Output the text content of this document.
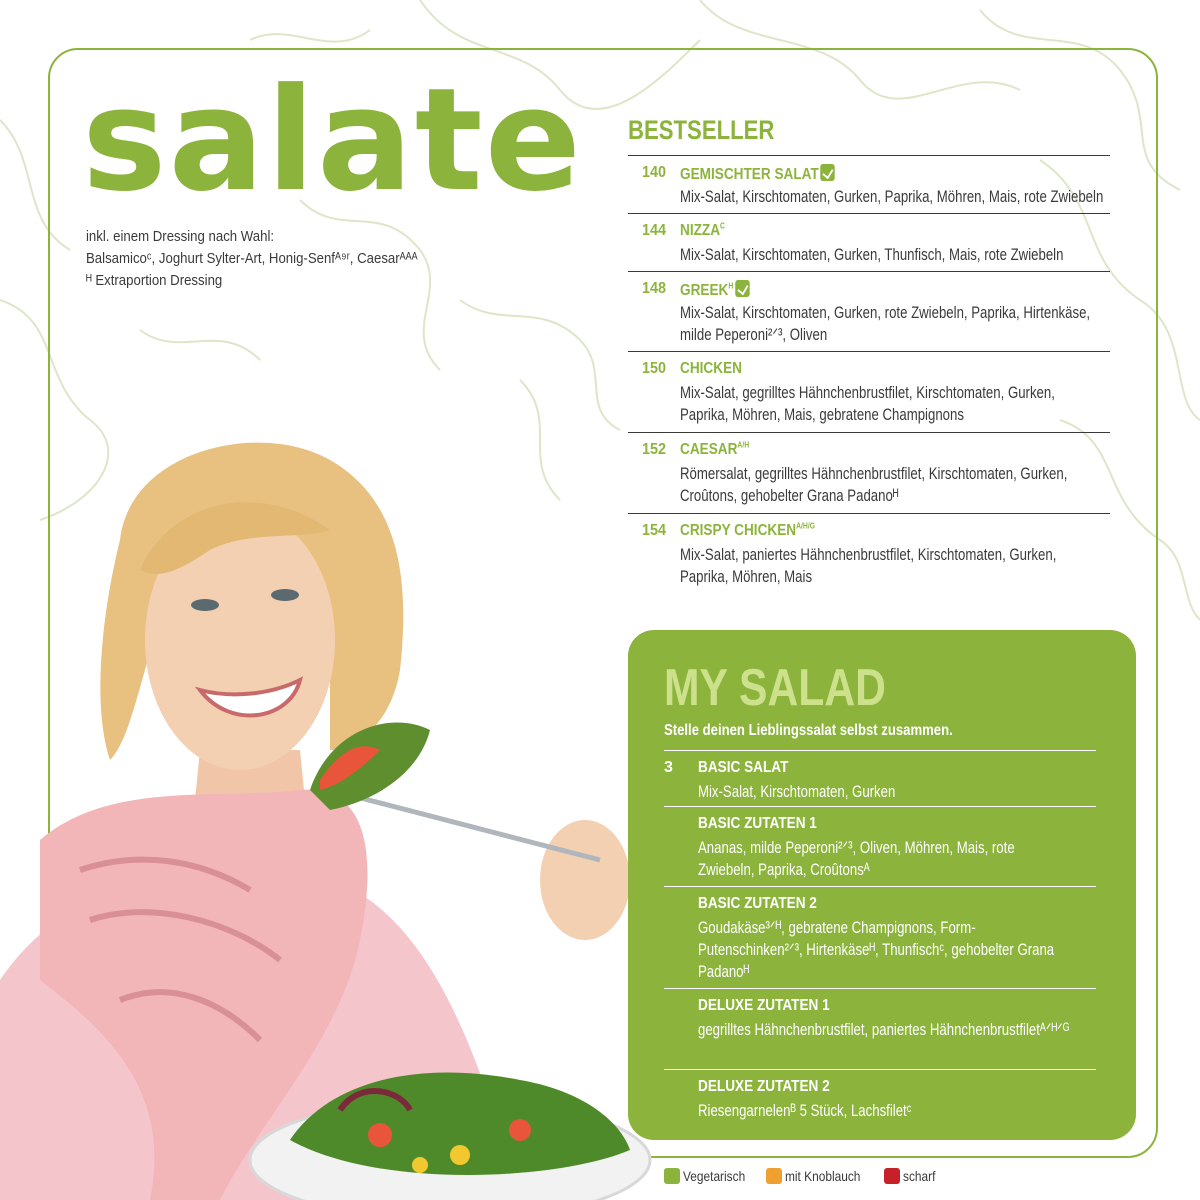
salate
inkl. einem Dressing nach Wahl:
Balsamicoᶜ, Joghurt Sylter-Art, Honig-Senfᴬ⁹ʳ, Caesarᴬᴬᴬ
ᴴ Extraportion Dressing
BESTSELLER
140 GEMISCHTER SALAT
Mix-Salat, Kirschtomaten, Gurken, Paprika, Möhren, Mais, rote Zwiebeln
144 $NIZZA^C$
Mix-Salat, Kirschtomaten, Gurken, Thunfisch, Mais, rote Zwiebeln
148 $GREEK^H$
Mix-Salat, Kirschtomaten, Gurken, rote Zwiebeln, Paprika, Hirtenkäse, milde Peperoni²ᐟ³, Oliven
150 CHICKEN
Mix-Salat, gegrilltes Hähnchenbrustfilet, Kirschtomaten, Gurken, Paprika, Möhren, Mais, gebratene Champignons
152 $CAESAR^{A/H}$
Römersalat, gegrilltes Hähnchenbrustfilet, Kirschtomaten, Gurken, Croûtons, gehobelter Grana Padanoᴴ
154 CRISPY $CHICKEN^{A/H/G}$
Mix-Salat, paniertes Hähnchenbrustfilet, Kirschtomaten, Gurken, Paprika, Möhren, Mais
MY SALAD
Stelle deinen Lieblingssalat selbst zusammen.
3 BASIC SALAT
Mix-Salat, Kirschtomaten, Gurken
BASIC ZUTATEN 1
Ananas, milde Peperoni²ᐟ³, Oliven, Möhren, Mais, rote Zwiebeln, Paprika, Croûtonsᴬ
BASIC ZUTATEN 2
Goudakäse³ᐟᴴ, gebratene Champignons, Form-Putenschinken²ᐟ³, Hirtenkäseᴴ, Thunfischᶜ, gehobelter Grana Padanoᴴ
DELUXE ZUTATEN 1
gegrilltes Hähnchenbrustfilet, paniertes Hähnchenbrustfiletᴬᐟᴴᐟᴳ
DELUXE ZUTATEN 2
Riesengarnelenᴮ 5 Stück, Lachsfiletᶜ
Vegetarisch	mit Knoblauch	scharf
